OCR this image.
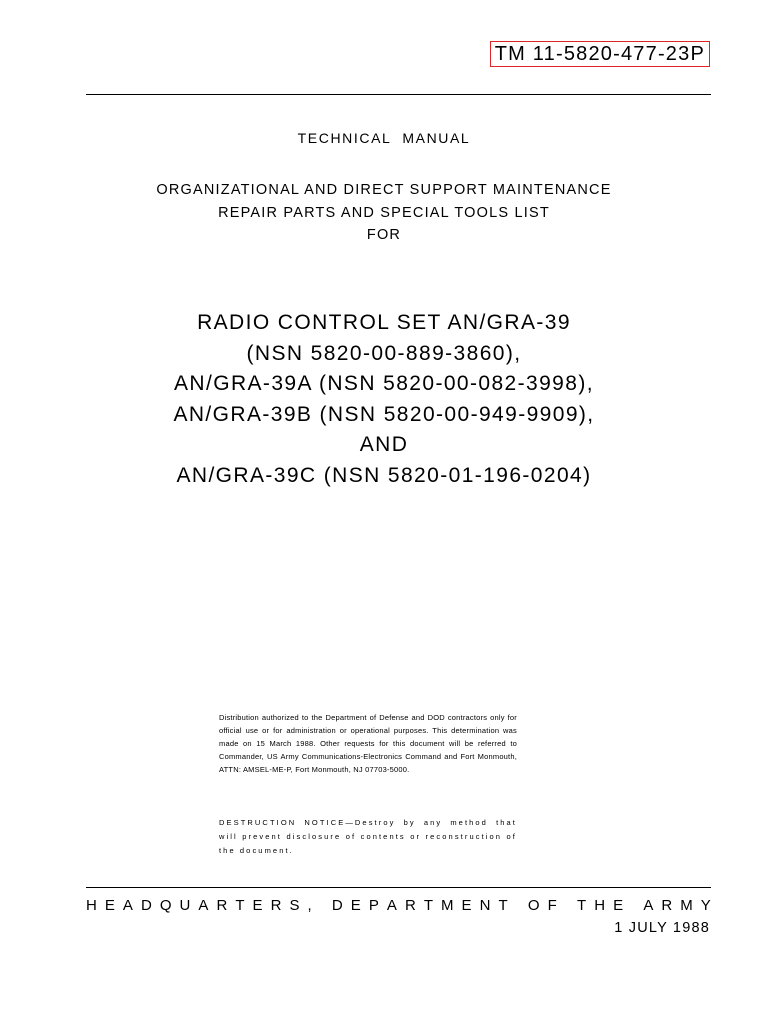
TM 11-5820-477-23P
TECHNICAL MANUAL
ORGANIZATIONAL AND DIRECT SUPPORT MAINTENANCE
REPAIR PARTS AND SPECIAL TOOLS LIST
FOR
RADIO CONTROL SET AN/GRA-39
(NSN 5820-00-889-3860),
AN/GRA-39A (NSN 5820-00-082-3998),
AN/GRA-39B (NSN 5820-00-949-9909),
AND
AN/GRA-39C (NSN 5820-01-196-0204)
Distribution authorized to the Department of Defense and DOD contractors only for official use or for administration or operational purposes. This determination was made on 15 March 1988. Other requests for this document will be referred to Commander, US Army Communications-Electronics Command and Fort Monmouth, ATTN: AMSEL-ME-P, Fort Monmouth, NJ 07703-5000.
DESTRUCTION NOTICE—Destroy by any method that will prevent disclosure of contents or reconstruction of the document.
H E A D Q U A R T E R S ,
D E P A R T M E N T
O F
T H E
A R M Y
1 JULY 1988
